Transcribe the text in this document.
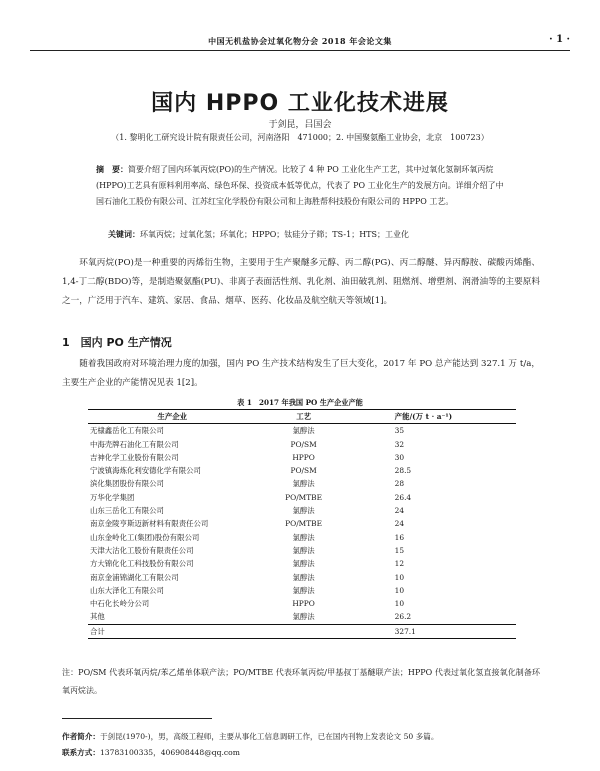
中国无机盐协会过氧化物分会 2018 年会论文集	· 1 ·
国内 HPPO 工业化技术进展
于剑昆，吕国会
（1. 黎明化工研究设计院有限责任公司，河南洛阳　471000；2. 中国聚氨酯工业协会，北京　100723）
摘　要：简要介绍了国内环氧丙烷(PO)的生产情况。比较了 4 种 PO 工业化生产工艺，其中过氧化氢制环氧丙烷(HPPO)工艺具有原料利用率高、绿色环保、投资成本低等优点，代表了 PO 工业化生产的发展方向。详细介绍了中国石油化工股份有限公司、江苏红宝化学股份有限公司和上海胜帮科技股份有限公司的 HPPO 工艺。
关键词：环氧丙烷；过氧化氢；环氧化；HPPO；钛硅分子筛；TS-1；HTS；工业化
环氧丙烷(PO)是一种重要的丙烯衍生物，主要用于生产聚醚多元醇、丙二醇(PG)、丙二醇醚、异丙醇胺、碳酸丙烯酯、1,4-丁二醇(BDO)等，是制造聚氨酯(PU)、非离子表面活性剂、乳化剂、油田破乳剂、阻燃剂、增塑剂、润滑油等的主要原料之一，广泛用于汽车、建筑、家居、食品、烟草、医药、化妆品及航空航天等领域[1]。
1　国内 PO 生产情况
随着我国政府对环境治理力度的加强，国内 PO 生产技术结构发生了巨大变化，2017 年 PO 总产能达到 327.1 万 t/a，主要生产企业的产能情况见表 1[2]。
表 1　2017 年我国 PO 生产企业产能
生产企业	工艺	产能/(万 t · a⁻¹)
无棣鑫岳化工有限公司	氯醇法	35
中海壳牌石油化工有限公司	PO/SM	32
吉神化学工业股份有限公司	HPPO	30
宁波镇海炼化利安德化学有限公司	PO/SM	28.5
滨化集团股份有限公司	氯醇法	28
万华化学集团	PO/MTBE	26.4
山东三岳化工有限公司	氯醇法	24
南京金陵亨斯迈新材料有限责任公司	PO/MTBE	24
山东金岭化工(集团)股份有限公司	氯醇法	16
天津大沽化工股份有限责任公司	氯醇法	15
方大锦化化工科技股份有限公司	氯醇法	12
南京金浦锦湖化工有限公司	氯醇法	10
山东大泽化工有限公司	氯醇法	10
中石化长岭分公司	HPPO	10
其他	氯醇法	26.2
合计		327.1
注：PO/SM 代表环氧丙烷/苯乙烯单体联产法；PO/MTBE 代表环氧丙烷/甲基叔丁基醚联产法；HPPO 代表过氧化氢直接氧化制备环氧丙烷法。
作者简介：于剑昆(1970-)，男，高级工程师，主要从事化工信息调研工作，已在国内刊物上发表论文 50 多篇。
联系方式：13783100335，406908448@qq.com
